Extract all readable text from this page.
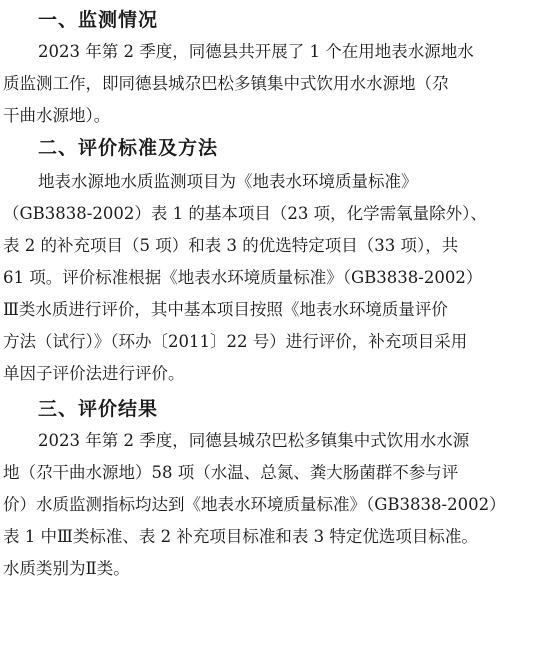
一、监测情况
2023 年第 2 季度，同德县共开展了 1 个在用地表水源地水
质监测工作，即同德县城尕巴松多镇集中式饮用水水源地（尕
干曲水源地）。
二、评价标准及方法
地表水源地水质监测项目为《地表水环境质量标准》
（GB3838-2002）表 1 的基本项目（23 项，化学需氧量除外）、
表 2 的补充项目（5 项）和表 3 的优选特定项目（33 项），共
61 项。评价标准根据《地表水环境质量标准》（GB3838-2002）
Ⅲ类水质进行评价，其中基本项目按照《地表水环境质量评价
方法（试行）》（环办〔2011〕22 号）进行评价，补充项目采用
单因子评价法进行评价。
三、评价结果
2023 年第 2 季度，同德县城尕巴松多镇集中式饮用水水源
地（尕干曲水源地）58 项（水温、总氮、粪大肠菌群不参与评
价）水质监测指标均达到《地表水环境质量标准》（GB3838-2002）
表 1 中Ⅲ类标准、表 2 补充项目标准和表 3 特定优选项目标准。
水质类别为Ⅱ类。
